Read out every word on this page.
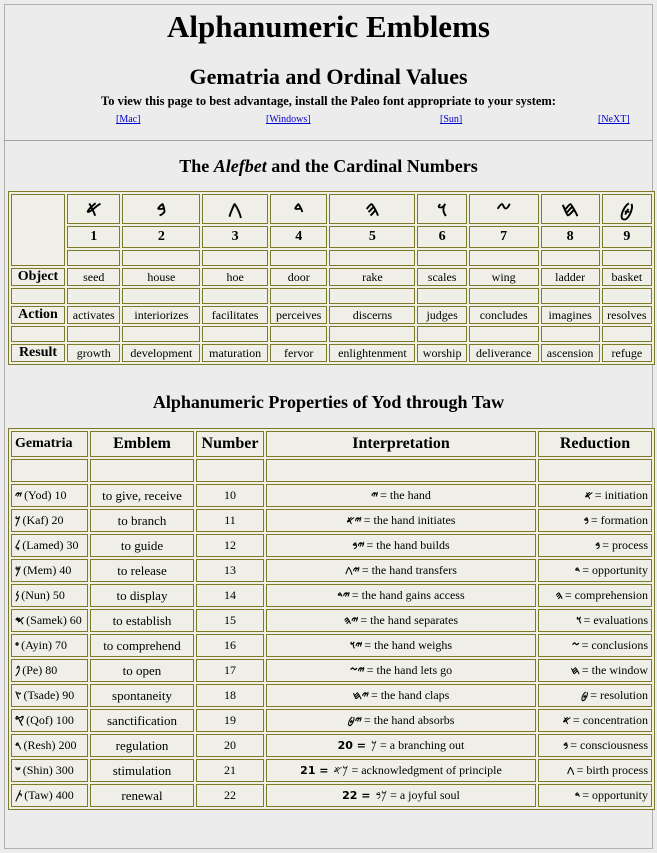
Alphanumeric Emblems
Gematria and Ordinal Values
To view this page to best advantage, install the Paleo font appropriate to your system:
[Mac]	[Windows]	[Sun]	[NeXT]
The Alefbet and the Cardinal Numbers
	𐤀	𐤁	𐤂	𐤃	𐤄	𐤅	𐤆	𐤇	𐤈
	1	2	3	4	5	6	7	8	9

Object	seed	house	hoe	door	rake	scales	wing	ladder	basket

Action	activates	interiorizes	facilitates	perceives	discerns	judges	concludes	imagines	resolves

Result	growth	development	maturation	fervor	enlightenment	worship	deliverance	ascension	refuge
Alphanumeric Properties of Yod through Taw
Gematria	Emblem	Number	Interpretation	Reduction

𐤉 (Yod) 10	to give, receive	10	𐤉 = the hand	𐤀 = initiation
𐤊 (Kaf) 20	to branch	11	𐤉𐤀 = the hand initiates	𐤁 = formation
𐤋 (Lamed) 30	to guide	12	𐤉𐤁 = the hand builds	𐤁 = process
𐤌 (Mem) 40	to release	13	𐤉𐤂 = the hand transfers	𐤃 = opportunity
𐤍 (Nun) 50	to display	14	𐤉𐤃 = the hand gains access	𐤄 = comprehension
𐤎 (Samek) 60	to establish	15	𐤉𐤄 = the hand separates	𐤅 = evaluations
𐤏 (Ayin) 70	to comprehend	16	𐤉𐤅 = the hand weighs	𐤆 = conclusions
𐤐 (Pe) 80	to open	17	𐤉𐤆 = the hand lets go	𐤇 = the window
𐤑 (Tsade) 90	spontaneity	18	𐤉𐤇 = the hand claps	𐤈 = resolution
𐤒 (Qof) 100	sanctification	19	𐤉𐤈 = the hand absorbs	𐤀 = concentration
𐤓 (Resh) 200	regulation	20	20 = 𐤊 = a branching out	𐤁 = consciousness
𐤔 (Shin) 300	stimulation	21	21 = 𐤊𐤀 = acknowledgment of principle	𐤂 = birth process
𐤕 (Taw) 400	renewal	22	22 = 𐤊𐤁 = a joyful soul	𐤃 = opportunity
